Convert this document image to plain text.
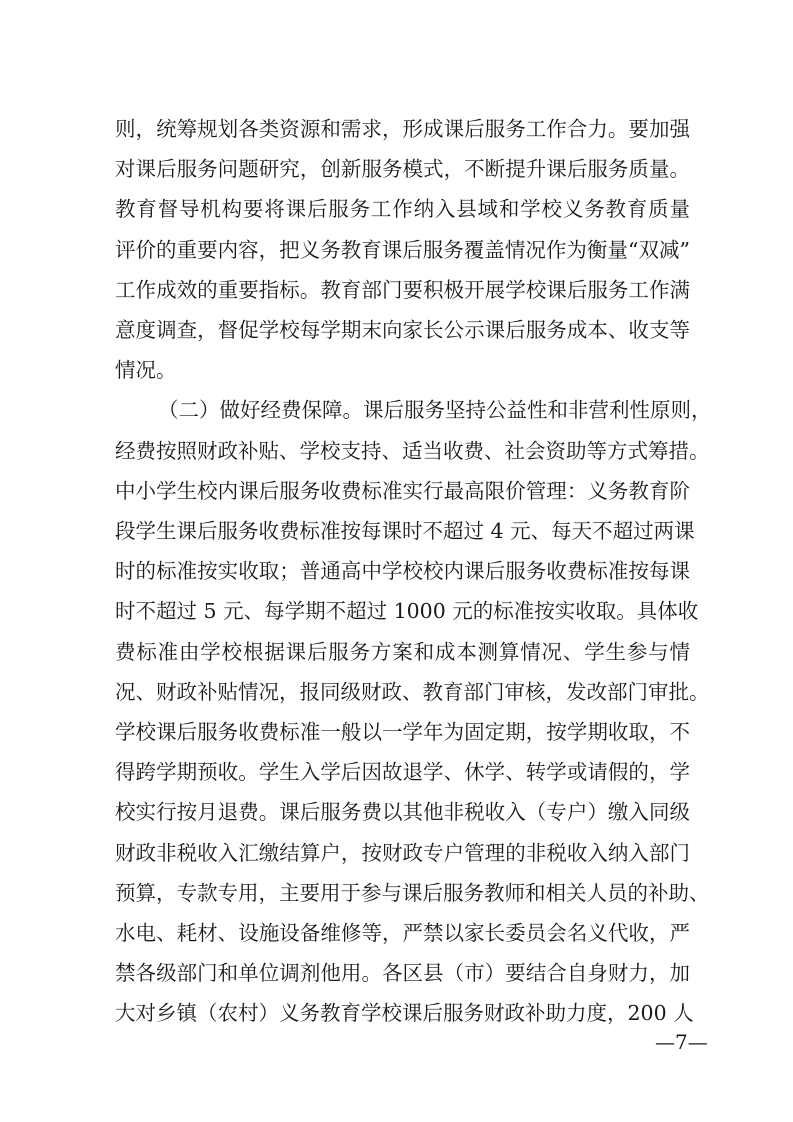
则，统筹规划各类资源和需求，形成课后服务工作合力。要加强
对课后服务问题研究，创新服务模式，不断提升课后服务质量。
教育督导机构要将课后服务工作纳入县域和学校义务教育质量
评价的重要内容，把义务教育课后服务覆盖情况作为衡量“双减”
工作成效的重要指标。教育部门要积极开展学校课后服务工作满
意度调查，督促学校每学期末向家长公示课后服务成本、收支等
情况。
（二）做好经费保障。课后服务坚持公益性和非营利性原则，
经费按照财政补贴、学校支持、适当收费、社会资助等方式筹措。
中小学生校内课后服务收费标准实行最高限价管理：义务教育阶
段学生课后服务收费标准按每课时不超过 4 元、每天不超过两课
时的标准按实收取；普通高中学校校内课后服务收费标准按每课
时不超过 5 元、每学期不超过 1000 元的标准按实收取。具体收
费标准由学校根据课后服务方案和成本测算情况、学生参与情
况、财政补贴情况，报同级财政、教育部门审核，发改部门审批。
学校课后服务收费标准一般以一学年为固定期，按学期收取，不
得跨学期预收。学生入学后因故退学、休学、转学或请假的，学
校实行按月退费。课后服务费以其他非税收入（专户）缴入同级
财政非税收入汇缴结算户，按财政专户管理的非税收入纳入部门
预算，专款专用，主要用于参与课后服务教师和相关人员的补助、
水电、耗材、设施设备维修等，严禁以家长委员会名义代收，严
禁各级部门和单位调剂他用。各区县（市）要结合自身财力，加
大对乡镇（农村）义务教育学校课后服务财政补助力度，200 人
—7—
